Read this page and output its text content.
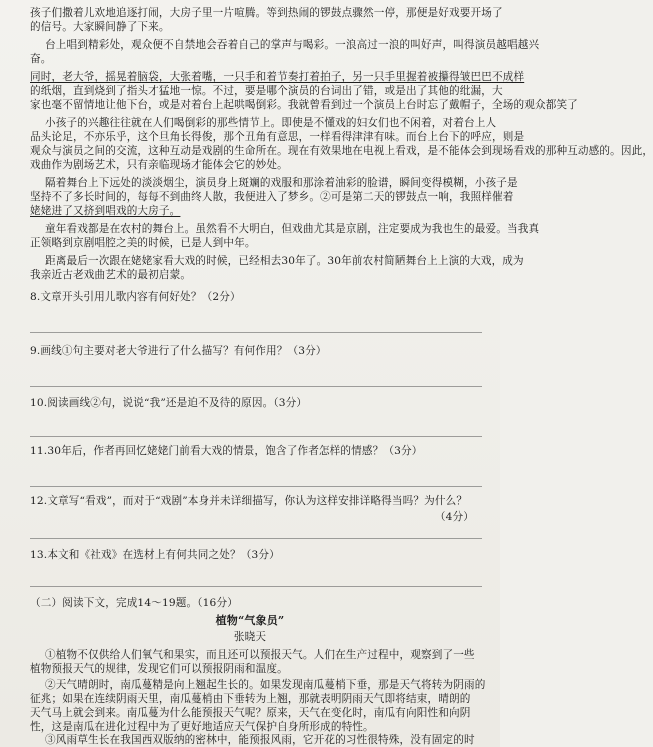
孩子们撒着儿欢地追逐打闹，大房子里一片喧腾。等到热闹的锣鼓点骤然一停，那便是好戏要开场了
的信号。大家瞬间静了下来。
台上唱到精彩处，观众便不自禁地会吞着自己的掌声与喝彩。一浪高过一浪的叫好声，叫得演员越唱越兴
奋。
同时，老大爷，摇晃着脑袋，大张着嘴，一只手和着节奏打着拍子，另一只手里握着被攥得皱巴巴不成样
的纸烟，直到烧到了指头才猛地一惊。不过，要是哪个演员的台词出了错，或是出了其他的纰漏，大
家也毫不留情地让他下台，或是对着台上起哄喝倒彩。我就曾看到过一个演员上台时忘了戴帽子，全场的观众都笑了
小孩子的兴趣往往就在人们喝倒彩的那些情节上。即使是不懂戏的妇女们也不闲着，对着台上人
品头论足，不亦乐乎，这个旦角长得俊，那个丑角有意思，一样看得津津有味。而台上台下的呼应，则是
观众与演员之间的交流，这种互动是戏剧的生命所在。现在有效果地在电视上看戏，是不能体会到现场看戏的那种互动感的。因此，
戏曲作为剧场艺术，只有亲临现场才能体会它的妙处。
隔着舞台上下远处的淡淡烟尘，演员身上斑斓的戏服和那涂着油彩的脸谱，瞬间变得模糊，小孩子是
坚持不了多长时间的，每每不到曲终人散，我便进入了梦乡。②可是第二天的锣鼓点一响，我照样催着
姥姥进了又挤到唱戏的大房子。
童年看戏都是在农村的舞台上。虽然看不大明白，但戏曲尤其是京剧，注定要成为我也生的最爱。当我真
正领略到京剧唱腔之美的时候，已是人到中年。
距离最后一次跟在姥姥家看大戏的时候，已经相去30年了。30年前农村简陋舞台上上演的大戏，成为
我亲近古老戏曲艺术的最初启蒙。
8.文章开头引用儿歌内容有何好处？（2分）
9.画线①句主要对老大爷进行了什么描写？有何作用？（3分）
10.阅读画线②句，说说“我”还是迫不及待的原因。（3分）
11.30年后，作者再回忆姥姥门前看大戏的情景，饱含了作者怎样的情感？（3分）
12.文章写“看戏”，而对于“戏剧”本身并未详细描写，你认为这样安排详略得当吗？为什么？
（4分）
13.本文和《社戏》在选材上有何共同之处？（3分）
（二）阅读下文，完成14～19题。（16分）
植物“气象员”
张晓天
①植物不仅供给人们氧气和果实，而且还可以预报天气。人们在生产过程中，观察到了一些
植物预报天气的规律，发现它们可以预报阴雨和温度。
②天气晴朗时，南瓜蔓精是向上翘起生长的。如果发现南瓜蔓梢下垂，那是天气将转为阴雨的
征兆；如果在连续阴雨天里，南瓜蔓梢由下垂转为上翘，那就表明阴雨天气即将结束，晴朗的
天气马上就会到来。南瓜蔓为什么能预报天气呢？原来，天气在变化时，南瓜有向阳性和向阴
性，这是南瓜在进化过程中为了更好地适应天气保护自身所形成的特性。
③风雨草生长在我国西双版纳的密林中，能预报风雨，它开花的习性很特殊，没有固定的时
